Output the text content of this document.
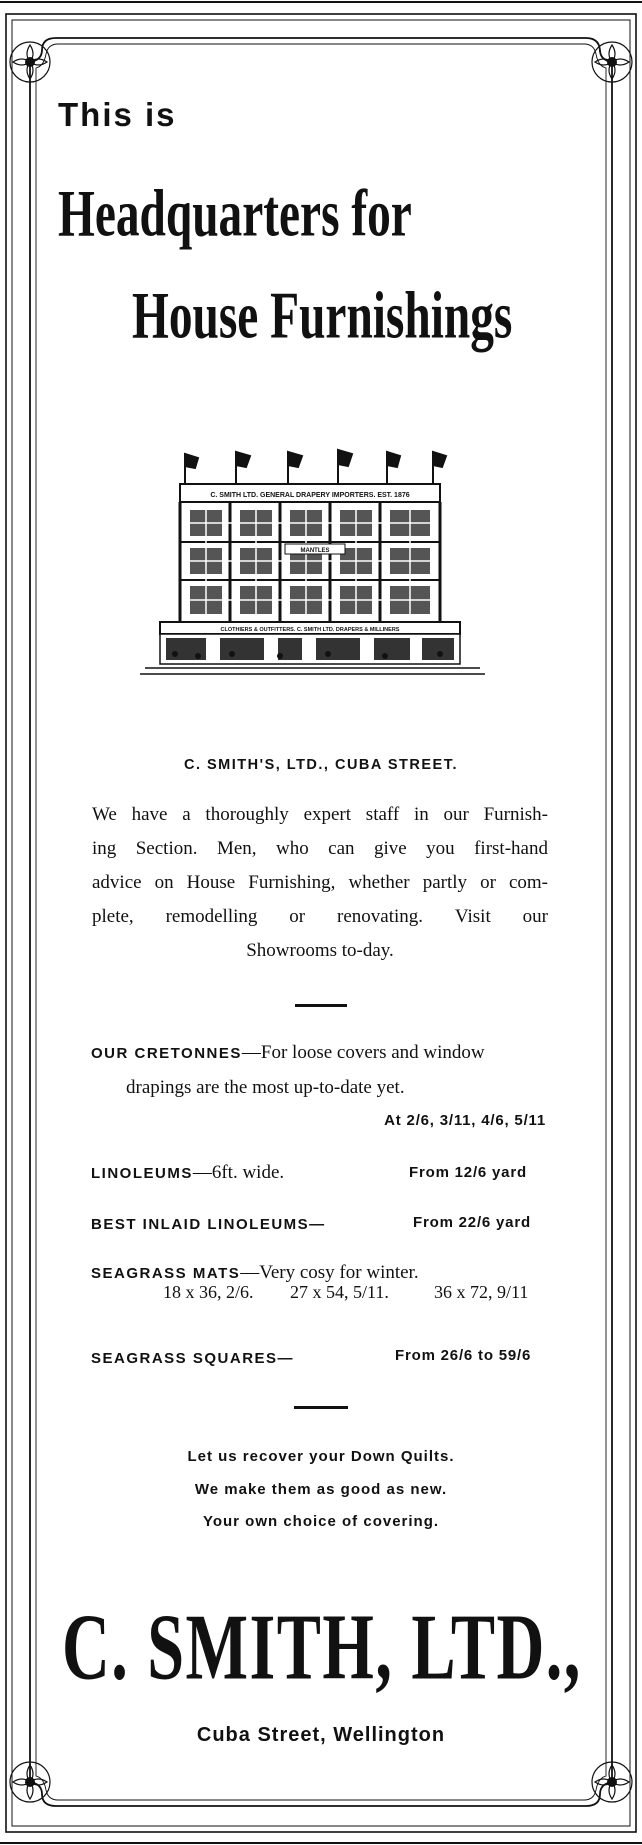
This is
Headquarters for
House Furnishings
C. SMITH LTD. GENERAL DRAPERY IMPORTERS. EST. 1876
MANTLES
CLOTHIERS & OUTFITTERS. C. SMITH LTD. DRAPERS & MILLINERS
C. SMITH'S, LTD., CUBA STREET.
We have a thoroughly expert staff in our Furnish-
ing Section. Men, who can give you first-hand
advice on House Furnishing, whether partly or com-
plete, remodelling or renovating. Visit our
Showrooms to-day.
OUR CRETONNES—For loose covers and window
drapings are the most up-to-date yet.
At 2/6, 3/11, 4/6, 5/11
LINOLEUMS—6ft. wide.	From 12/6 yard
BEST INLAID LINOLEUMS—	From 22/6 yard
SEAGRASS MATS—Very cosy for winter.
18 x 36, 2/6. 27 x 54, 5/11.	36 x 72, 9/11
SEAGRASS SQUARES—	From 26/6 to 59/6
Let us recover your Down Quilts.
We make them as good as new.
Your own choice of covering.
C. SMITH, LTD.,
Cuba Street, Wellington
